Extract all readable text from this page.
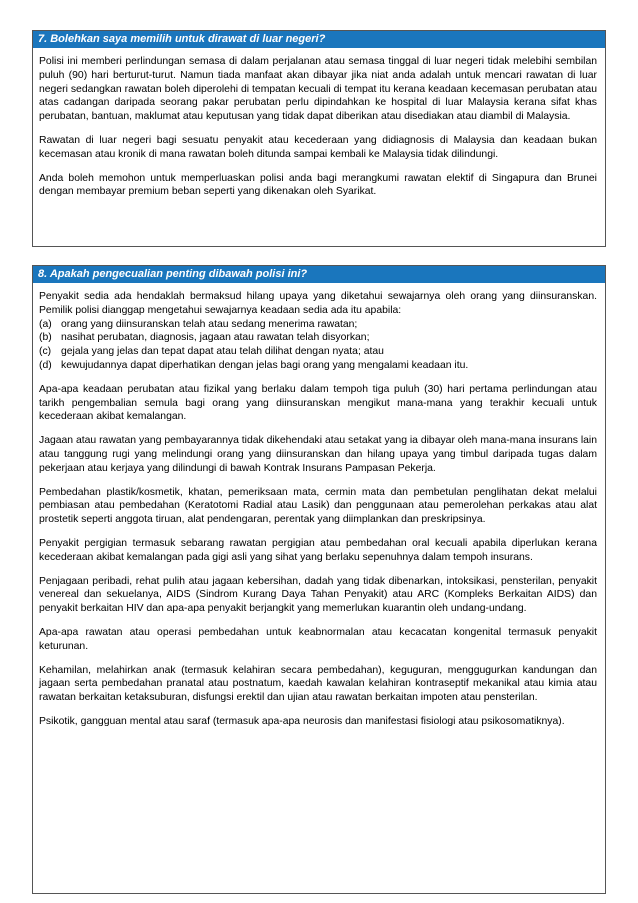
7. Bolehkan saya memilih untuk dirawat di luar negeri?

Polisi ini memberi perlindungan semasa di dalam perjalanan atau semasa tinggal di luar negeri tidak melebihi sembilan puluh (90) hari berturut-turut. Namun tiada manfaat akan dibayar jika niat anda adalah untuk mencari rawatan di luar negeri sedangkan rawatan boleh diperolehi di tempatan kecuali di tempat itu kerana keadaan kecemasan perubatan atau atas cadangan daripada seorang pakar perubatan perlu dipindahkan ke hospital di luar Malaysia kerana sifat khas perubatan, bantuan, maklumat atau keputusan yang tidak dapat diberikan atau disediakan atau diambil di Malaysia.

Rawatan di luar negeri bagi sesuatu penyakit atau kecederaan yang didiagnosis di Malaysia dan keadaan bukan kecemasan atau kronik di mana rawatan boleh ditunda sampai kembali ke Malaysia tidak dilindungi.

Anda boleh memohon untuk memperluaskan polisi anda bagi merangkumi rawatan elektif di Singapura dan Brunei dengan membayar premium beban seperti yang dikenakan oleh Syarikat.

8. Apakah pengecualian penting dibawah polisi ini?

Penyakit sedia ada hendaklah bermaksud hilang upaya yang diketahui sewajarnya oleh orang yang diinsuranskan. Pemilik polisi dianggap mengetahui sewajarnya keadaan sedia ada itu apabila:

(a) orang yang diinsuranskan telah atau sedang menerima rawatan;
(b) nasihat perubatan, diagnosis, jagaan atau rawatan telah disyorkan;
(c) gejala yang jelas dan tepat dapat atau telah dilihat dengan nyata; atau
(d) kewujudannya dapat diperhatikan dengan jelas bagi orang yang mengalami keadaan itu.

Apa-apa keadaan perubatan atau fizikal yang berlaku dalam tempoh tiga puluh (30) hari pertama perlindungan atau tarikh pengembalian semula bagi orang yang diinsuranskan mengikut mana-mana yang terakhir kecuali untuk kecederaan akibat kemalangan.

Jagaan atau rawatan yang pembayarannya tidak dikehendaki atau setakat yang ia dibayar oleh mana-mana insurans lain atau tanggung rugi yang melindungi orang yang diinsuranskan dan hilang upaya yang timbul daripada tugas dalam pekerjaan atau kerjaya yang dilindungi di bawah Kontrak Insurans Pampasan Pekerja.

Pembedahan plastik/kosmetik, khatan, pemeriksaan mata, cermin mata dan pembetulan penglihatan dekat melalui pembiasan atau pembedahan (Keratotomi Radial atau Lasik) dan penggunaan atau pemerolehan perkakas atau alat prostetik seperti anggota tiruan, alat pendengaran, perentak yang diimplankan dan preskripsinya.

Penyakit pergigian termasuk sebarang rawatan pergigian atau pembedahan oral kecuali apabila diperlukan kerana kecederaan akibat kemalangan pada gigi asli yang sihat yang berlaku sepenuhnya dalam tempoh insurans.

Penjagaan peribadi, rehat pulih atau jagaan kebersihan, dadah yang tidak dibenarkan, intoksikasi, pensterilan, penyakit venereal dan sekuelanya, AIDS (Sindrom Kurang Daya Tahan Penyakit) atau ARC (Kompleks Berkaitan AIDS) dan penyakit berkaitan HIV dan apa-apa penyakit berjangkit yang memerlukan kuarantin oleh undang-undang.

Apa-apa rawatan atau operasi pembedahan untuk keabnormalan atau kecacatan kongenital termasuk penyakit keturunan.

Kehamilan, melahirkan anak (termasuk kelahiran secara pembedahan), keguguran, menggugurkan kandungan dan jagaan serta pembedahan pranatal atau postnatum, kaedah kawalan kelahiran kontraseptif mekanikal atau kimia atau rawatan berkaitan ketaksuburan, disfungsi erektil dan ujian atau rawatan berkaitan impoten atau pensterilan.

Psikotik, gangguan mental atau saraf (termasuk apa-apa neurosis dan manifestasi fisiologi atau psikosomatiknya).
